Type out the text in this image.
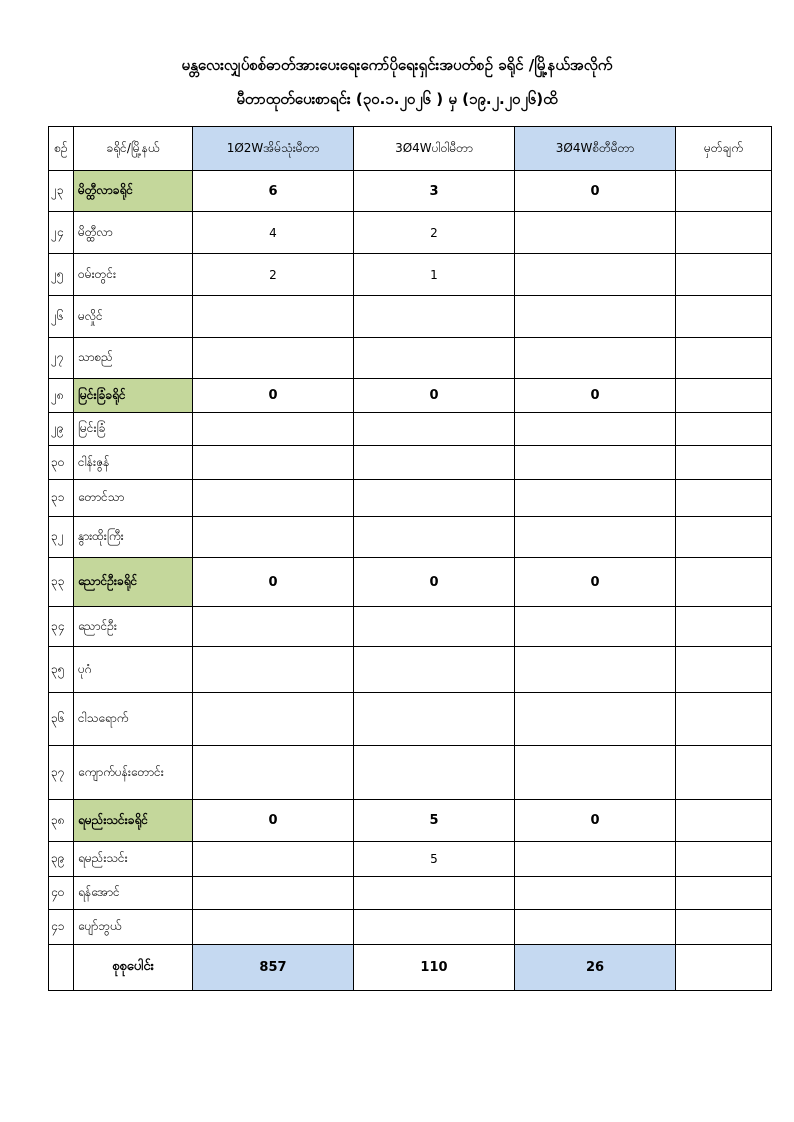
မန္တလေးလျှပ်စစ်ဓာတ်အားပေးရေးကော်ပိုရေးရှင်းအပတ်စဉ် ခရိုင် /မြို့နယ်အလိုက်
မီတာထုတ်ပေးစာရင်း (၃၀.၁.၂၀၂၆ ) မှ (၁၉.၂.၂၀၂၆)ထိ
စဉ်	ခရိုင်/မြို့နယ်	1Ø2Wအိမ်သုံးမီတာ	3Ø4Wပါဝါမီတာ	3Ø4Wစီတီမီတာ	မှတ်ချက်
၂၃	မိတ္ထီလာခရိုင်	6	3	0	
၂၄	မိတ္ထီလာ	4	2		
၂၅	ဝမ်းတွင်း	2	1		
၂၆	မလှိုင်				
၂၇	သာစည်				
၂၈	မြင်းခြံခရိုင်	0	0	0	
၂၉	မြင်းခြံ				
၃၀	ငါန်းဇွန်				
၃၁	တောင်သာ				
၃၂	နွားထိုးကြီး				
၃၃	ညောင်ဦးခရိုင်	0	0	0	
၃၄	ညောင်ဦး				
၃၅	ပုဂံ				
၃၆	ငါသရောက်				
၃၇	ကျောက်ပန်းတောင်း				
၃၈	ရမည်းသင်းခရိုင်	0	5	0	
၃၉	ရမည်းသင်း		5		
၄၀	ရန်အောင်				
၄၁	ပျော်ဘွယ်				
	စုစုပေါင်း	857	110	26	
